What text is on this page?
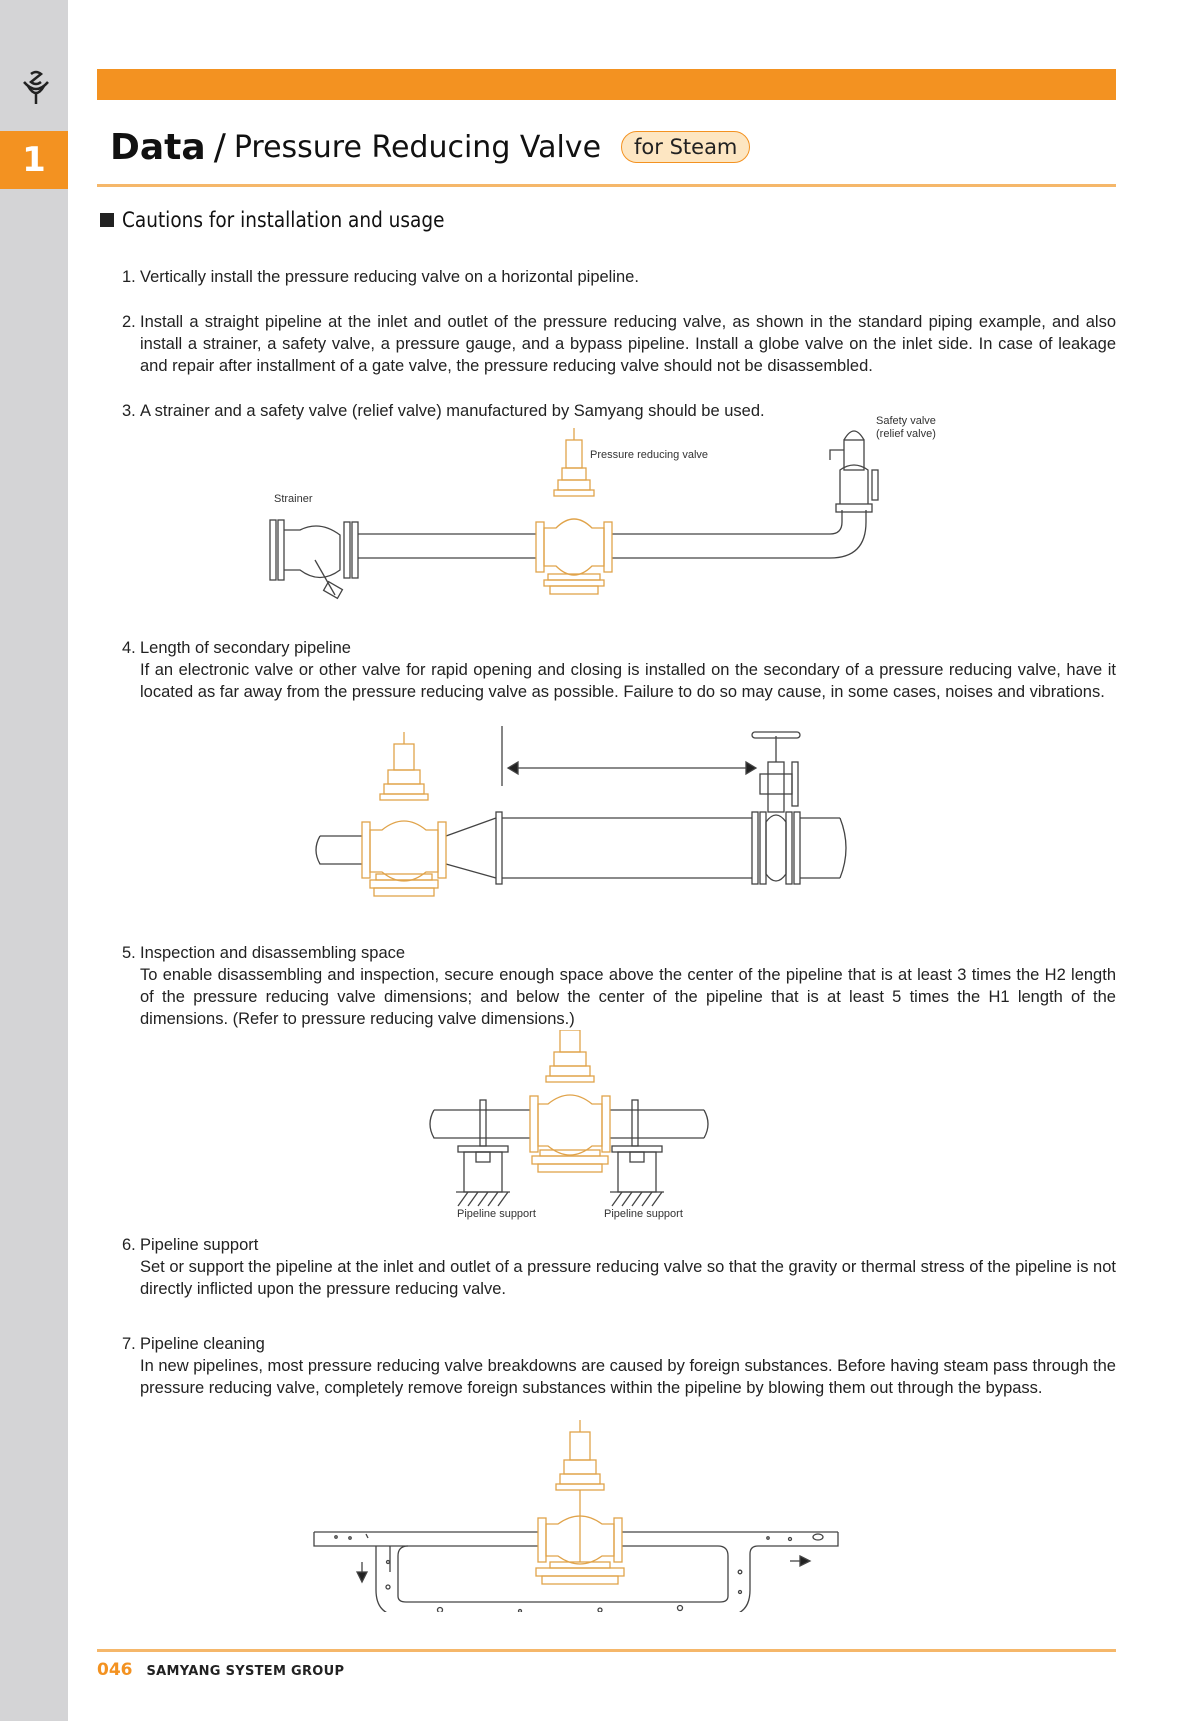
1	Data / Pressure Reducing Valve	for Steam
Cautions for installation and usage
1. Vertically install the pressure reducing valve on a horizontal pipeline.
2. Install a straight pipeline at the inlet and outlet of the pressure reducing valve, as shown in the standard piping example, and also install a strainer, a safety valve, a pressure gauge, and a bypass pipeline. Install a globe valve on the inlet side. In case of leakage and repair after installment of a gate valve, the pressure reducing valve should not be disassembled.
3. A strainer and a safety valve (relief valve) manufactured by Samyang should be used.
Strainer
Pressure reducing valve
Safety valve
(relief valve)
4. Length of secondary pipeline
If an electronic valve or other valve for rapid opening and closing is installed on the secondary of a pressure reducing valve, have it located as far away from the pressure reducing valve as possible. Failure to do so may cause, in some cases, noises and vibrations.
5. Inspection and disassembling space
To enable disassembling and inspection, secure enough space above the center of the pipeline that is at least 3 times the H2 length of the pressure reducing valve dimensions; and below the center of the pipeline that is at least 5 times the H1 length of the dimensions. (Refer to pressure reducing valve dimensions.)
Pipeline support	Pipeline support
6. Pipeline support
Set or support the pipeline at the inlet and outlet of a pressure reducing valve so that the gravity or thermal stress of the pipeline is not directly inflicted upon the pressure reducing valve.
7. Pipeline cleaning
In new pipelines, most pressure reducing valve breakdowns are caused by foreign substances. Before having steam pass through the pressure reducing valve, completely remove foreign substances within the pipeline by blowing them out through the bypass.
046 SAMYANG SYSTEM GROUP
